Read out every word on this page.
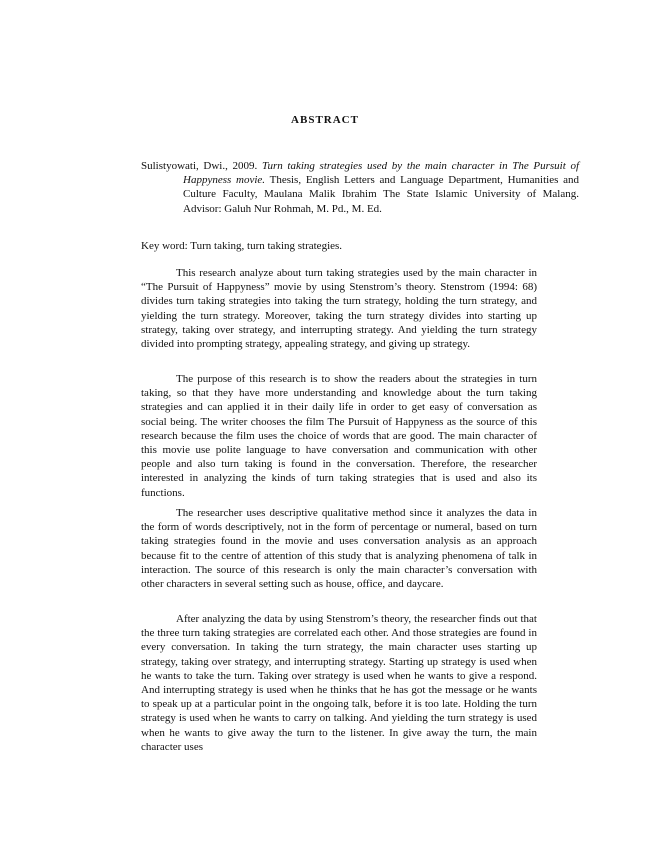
ABSTRACT

Sulistyowati, Dwi., 2009. Turn taking strategies used by the main character in The Pursuit of Happyness movie. Thesis, English Letters and Language Department, Humanities and Culture Faculty, Maulana Malik Ibrahim The State Islamic University of Malang. Advisor: Galuh Nur Rohmah, M. Pd., M. Ed.

Key word: Turn taking, turn taking strategies.

This research analyze about turn taking strategies used by the main character in “The Pursuit of Happyness” movie by using Stenstrom’s theory. Stenstrom (1994: 68) divides turn taking strategies into taking the turn strategy, holding the turn strategy, and yielding the turn strategy. Moreover, taking the turn strategy divides into starting up strategy, taking over strategy, and interrupting strategy. And yielding the turn strategy divided into prompting strategy, appealing strategy, and giving up strategy.

The purpose of this research is to show the readers about the strategies in turn taking, so that they have more understanding and knowledge about the turn taking strategies and can applied it in their daily life in order to get easy of conversation as social being. The writer chooses the film The Pursuit of Happyness as the source of this research because the film uses the choice of words that are good. The main character of this movie use polite language to have conversation and communication with other people and also turn taking is found in the conversation. Therefore, the researcher interested in analyzing the kinds of turn taking strategies that is used and also its functions.

The researcher uses descriptive qualitative method since it analyzes the data in the form of words descriptively, not in the form of percentage or numeral, based on turn taking strategies found in the movie and uses conversation analysis as an approach because fit to the centre of attention of this study that is analyzing phenomena of talk in interaction. The source of this research is only the main character’s conversation with other characters in several setting such as house, office, and daycare.

After analyzing the data by using Stenstrom’s theory, the researcher finds out that the three turn taking strategies are correlated each other. And those strategies are found in every conversation. In taking the turn strategy, the main character uses starting up strategy, taking over strategy, and interrupting strategy. Starting up strategy is used when he wants to take the turn. Taking over strategy is used when he wants to give a respond. And interrupting strategy is used when he thinks that he has got the message or he wants to speak up at a particular point in the ongoing talk, before it is too late. Holding the turn strategy is used when he wants to carry on talking. And yielding the turn strategy is used when he wants to give away the turn to the listener. In give away the turn, the main character uses
